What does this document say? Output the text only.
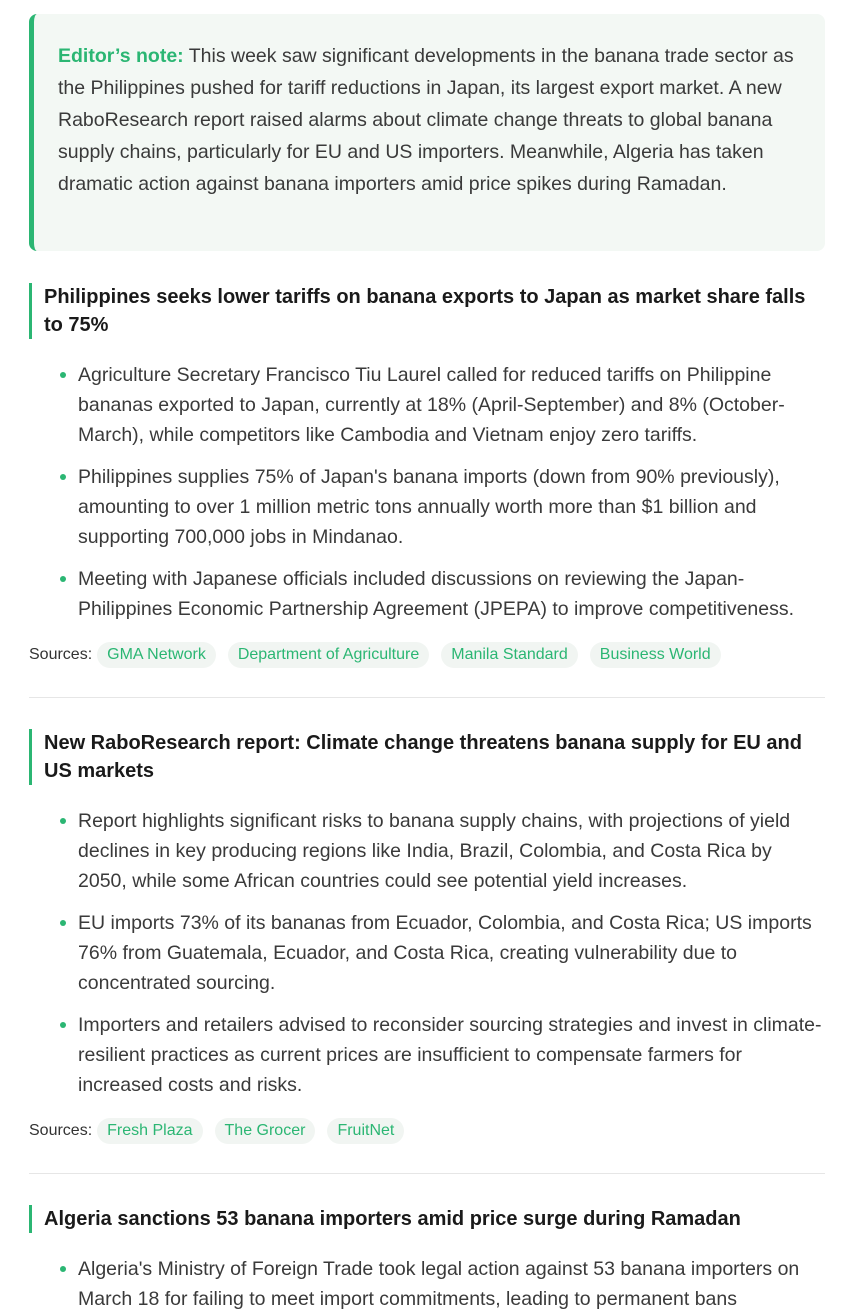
Editor’s note: This week saw significant developments in the banana trade sector as the Philippines pushed for tariff reductions in Japan, its largest export market. A new RaboResearch report raised alarms about climate change threats to global banana supply chains, particularly for EU and US importers. Meanwhile, Algeria has taken dramatic action against banana importers amid price spikes during Ramadan.
Philippines seeks lower tariffs on banana exports to Japan as market share falls to 75%
Agriculture Secretary Francisco Tiu Laurel called for reduced tariffs on Philippine bananas exported to Japan, currently at 18% (April-September) and 8% (October-March), while competitors like Cambodia and Vietnam enjoy zero tariffs.
Philippines supplies 75% of Japan's banana imports (down from 90% previously), amounting to over 1 million metric tons annually worth more than $1 billion and supporting 700,000 jobs in Mindanao.
Meeting with Japanese officials included discussions on reviewing the Japan-Philippines Economic Partnership Agreement (JPEPA) to improve competitiveness.
Sources: GMA Network	Department of Agriculture	Manila Standard	Business World
New RaboResearch report: Climate change threatens banana supply for EU and US markets
Report highlights significant risks to banana supply chains, with projections of yield declines in key producing regions like India, Brazil, Colombia, and Costa Rica by 2050, while some African countries could see potential yield increases.
EU imports 73% of its bananas from Ecuador, Colombia, and Costa Rica; US imports 76% from Guatemala, Ecuador, and Costa Rica, creating vulnerability due to concentrated sourcing.
Importers and retailers advised to reconsider sourcing strategies and invest in climate-resilient practices as current prices are insufficient to compensate farmers for increased costs and risks.
Sources: Fresh Plaza	The Grocer	FruitNet
Algeria sanctions 53 banana importers amid price surge during Ramadan
Algeria's Ministry of Foreign Trade took legal action against 53 banana importers on March 18 for failing to meet import commitments, leading to permanent bans
